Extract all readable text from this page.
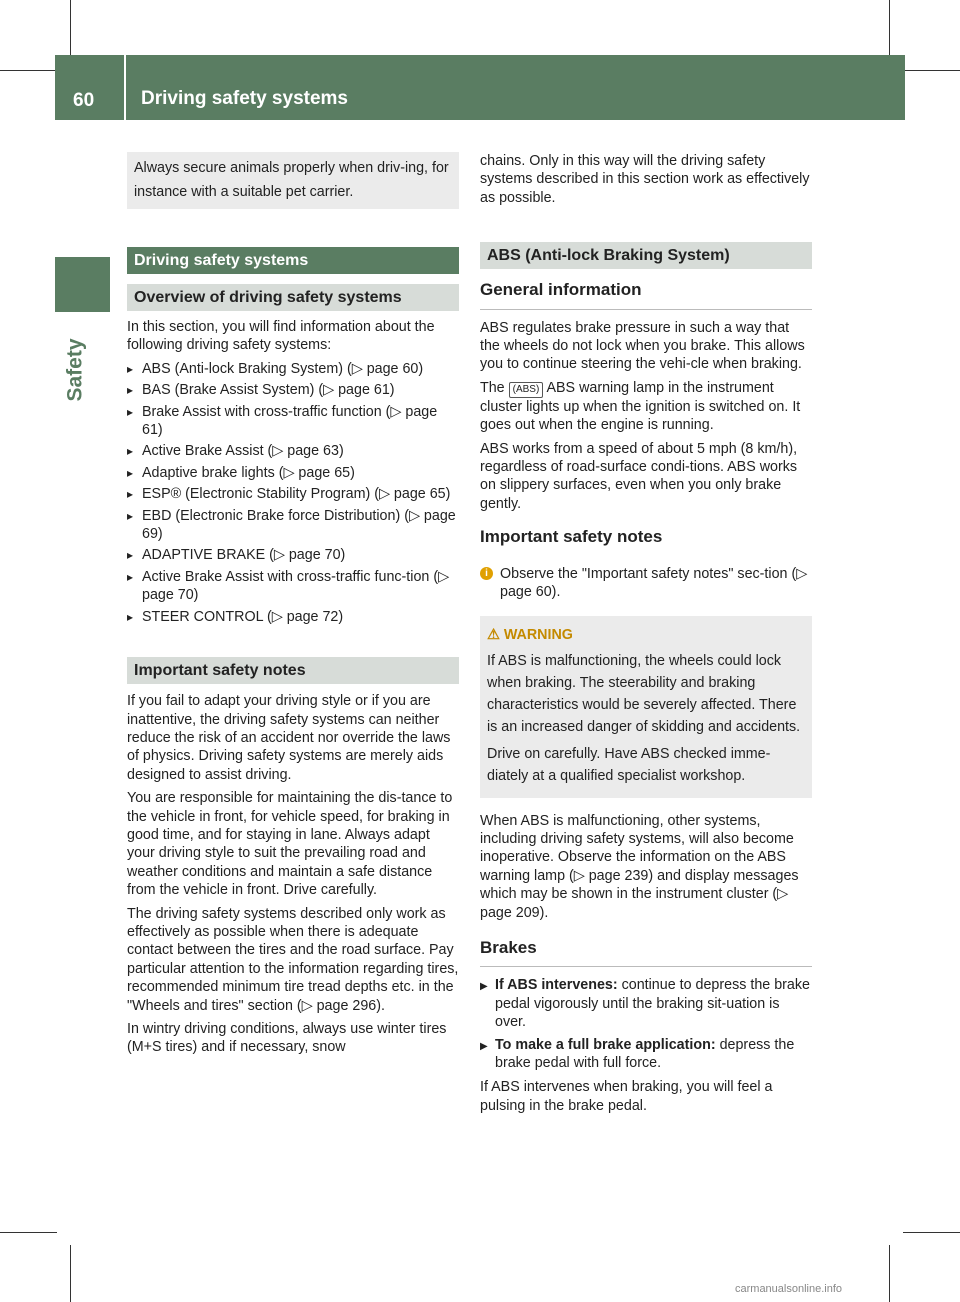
60 Driving safety systems
Safety
Always secure animals properly when driv-ing, for instance with a suitable pet carrier.
Driving safety systems
Overview of driving safety systems

In this section, you will find information about the following driving safety systems:

▸ ABS (Anti-lock Braking System) (▷ page 60)
▸ BAS (Brake Assist System) (▷ page 61)
▸ Brake Assist with cross-traffic function (▷ page 61)
▸ Active Brake Assist (▷ page 63)
▸ Adaptive brake lights (▷ page 65)
▸ ESP® (Electronic Stability Program) (▷ page 65)
▸ EBD (Electronic Brake force Distribution) (▷ page 69)
▸ ADAPTIVE BRAKE (▷ page 70)
▸ Active Brake Assist with cross-traffic func-tion (▷ page 70)
▸ STEER CONTROL (▷ page 72)
Important safety notes

If you fail to adapt your driving style or if you are inattentive, the driving safety systems can neither reduce the risk of an accident nor override the laws of physics. Driving safety systems are merely aids designed to assist driving.

You are responsible for maintaining the dis-tance to the vehicle in front, for vehicle speed, for braking in good time, and for staying in lane. Always adapt your driving style to suit the prevailing road and weather conditions and maintain a safe distance from the vehicle in front. Drive carefully.

The driving safety systems described only work as effectively as possible when there is adequate contact between the tires and the road surface. Pay particular attention to the information regarding tires, recommended minimum tire tread depths etc. in the "Wheels and tires" section (▷ page 296).

In wintry driving conditions, always use winter tires (M+S tires) and if necessary, snow

chains. Only in this way will the driving safety systems described in this section work as effectively as possible.

ABS (Anti-lock Braking System)
General information

ABS regulates brake pressure in such a way that the wheels do not lock when you brake. This allows you to continue steering the vehi-cle when braking.

The (ABS) ABS warning lamp in the instrument cluster lights up when the ignition is switched on. It goes out when the engine is running.

ABS works from a speed of about 5 mph (8 km/h), regardless of road-surface condi-tions. ABS works on slippery surfaces, even when you only brake gently.

Important safety notes
i Observe the "Important safety notes" sec-tion (▷ page 60).
⚠ WARNING

If ABS is malfunctioning, the wheels could lock when braking. The steerability and braking characteristics would be severely affected. There is an increased danger of skidding and accidents.

Drive on carefully. Have ABS checked imme-diately at a qualified specialist workshop.

When ABS is malfunctioning, other systems, including driving safety systems, will also become inoperative. Observe the information on the ABS warning lamp (▷ page 239) and display messages which may be shown in the instrument cluster (▷ page 209).

Brakes
▶ If ABS intervenes: continue to depress the brake pedal vigorously until the braking sit-uation is over.
▶ To make a full brake application: depress the brake pedal with full force.

If ABS intervenes when braking, you will feel a pulsing in the brake pedal.

carmanualsonline.info
